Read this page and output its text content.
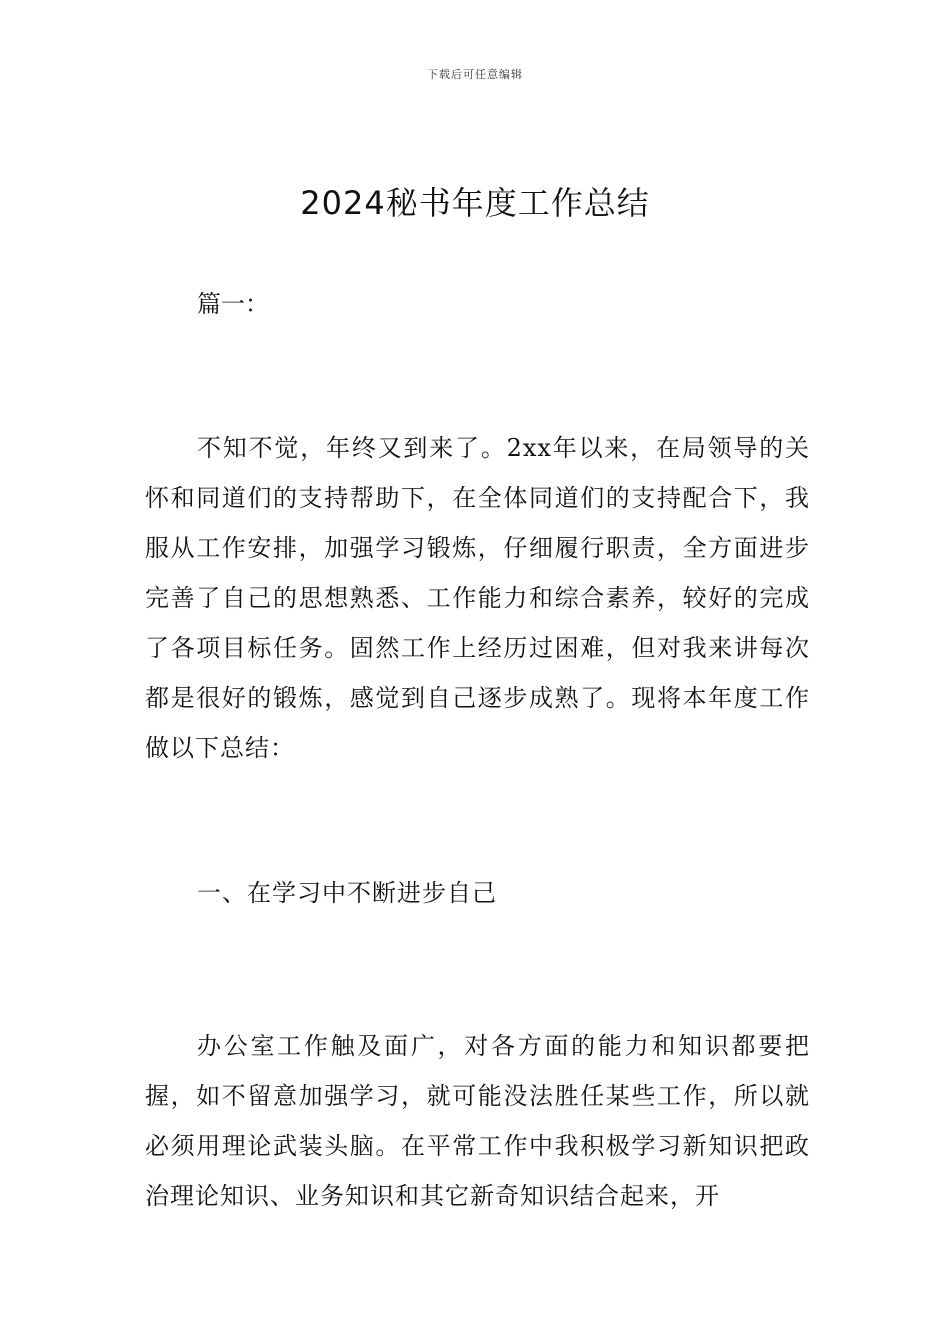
下载后可任意编辑
2024秘书年度工作总结
篇一：
不知不觉，年终又到来了。2xx年以来，在局领导的关怀和同道们的支持帮助下，在全体同道们的支持配合下，我服从工作安排，加强学习锻炼，仔细履行职责，全方面进步完善了自己的思想熟悉、工作能力和综合素养，较好的完成了各项目标任务。固然工作上经历过困难，但对我来讲每次都是很好的锻炼，感觉到自己逐步成熟了。现将本年度工作做以下总结：
一、在学习中不断进步自己
办公室工作触及面广，对各方面的能力和知识都要把握，如不留意加强学习，就可能没法胜任某些工作，所以就必须用理论武装头脑。在平常工作中我积极学习新知识把政治理论知识、业务知识和其它新奇知识结合起来，开
